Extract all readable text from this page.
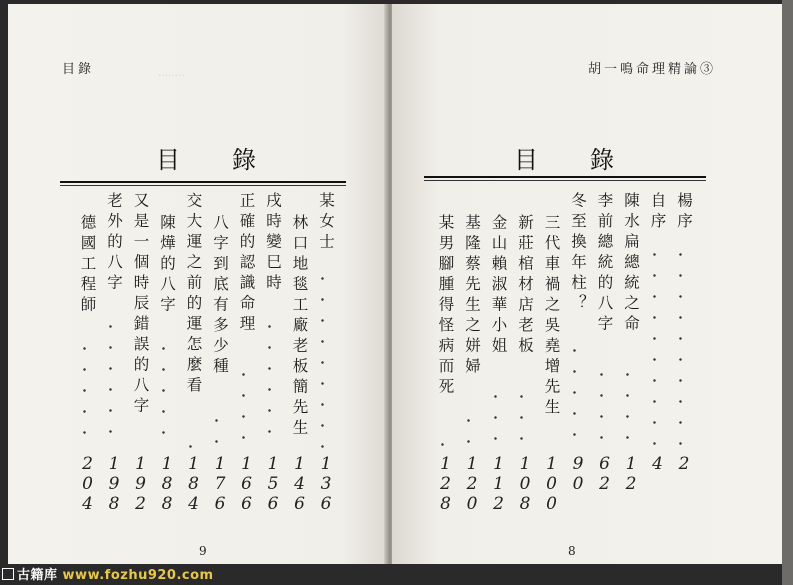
‥‥‥‥
目錄
目錄
某女士
1
3
6
林口地毯工廠老板簡先生
1
4
6
戌時變巳時
1
5
6
正確的認識命理
1
6
6
八字到底有多少種
1
7
6
交大運之前的運怎麼看
1
8
4
陳燁的八字
1
8
8
又是一個時辰錯誤的八字
1
9
2
老外的八字
1
9
8
德國工程師
2
0
4
9
胡一鳴命理精論③
目錄
楊序
2
自序
4
陳水扁總統之命
1
2
李前總統的八字
6
2
冬至換年柱？
9
0
三代車禍之吳堯增先生
1
0
0
新莊棺材店老板
1
0
8
金山賴淑華小姐
1
1
2
基隆蔡先生之姘婦
1
2
0
某男腳腫得怪病而死
1
2
8
8
古籍库 www.fozhu920.com
